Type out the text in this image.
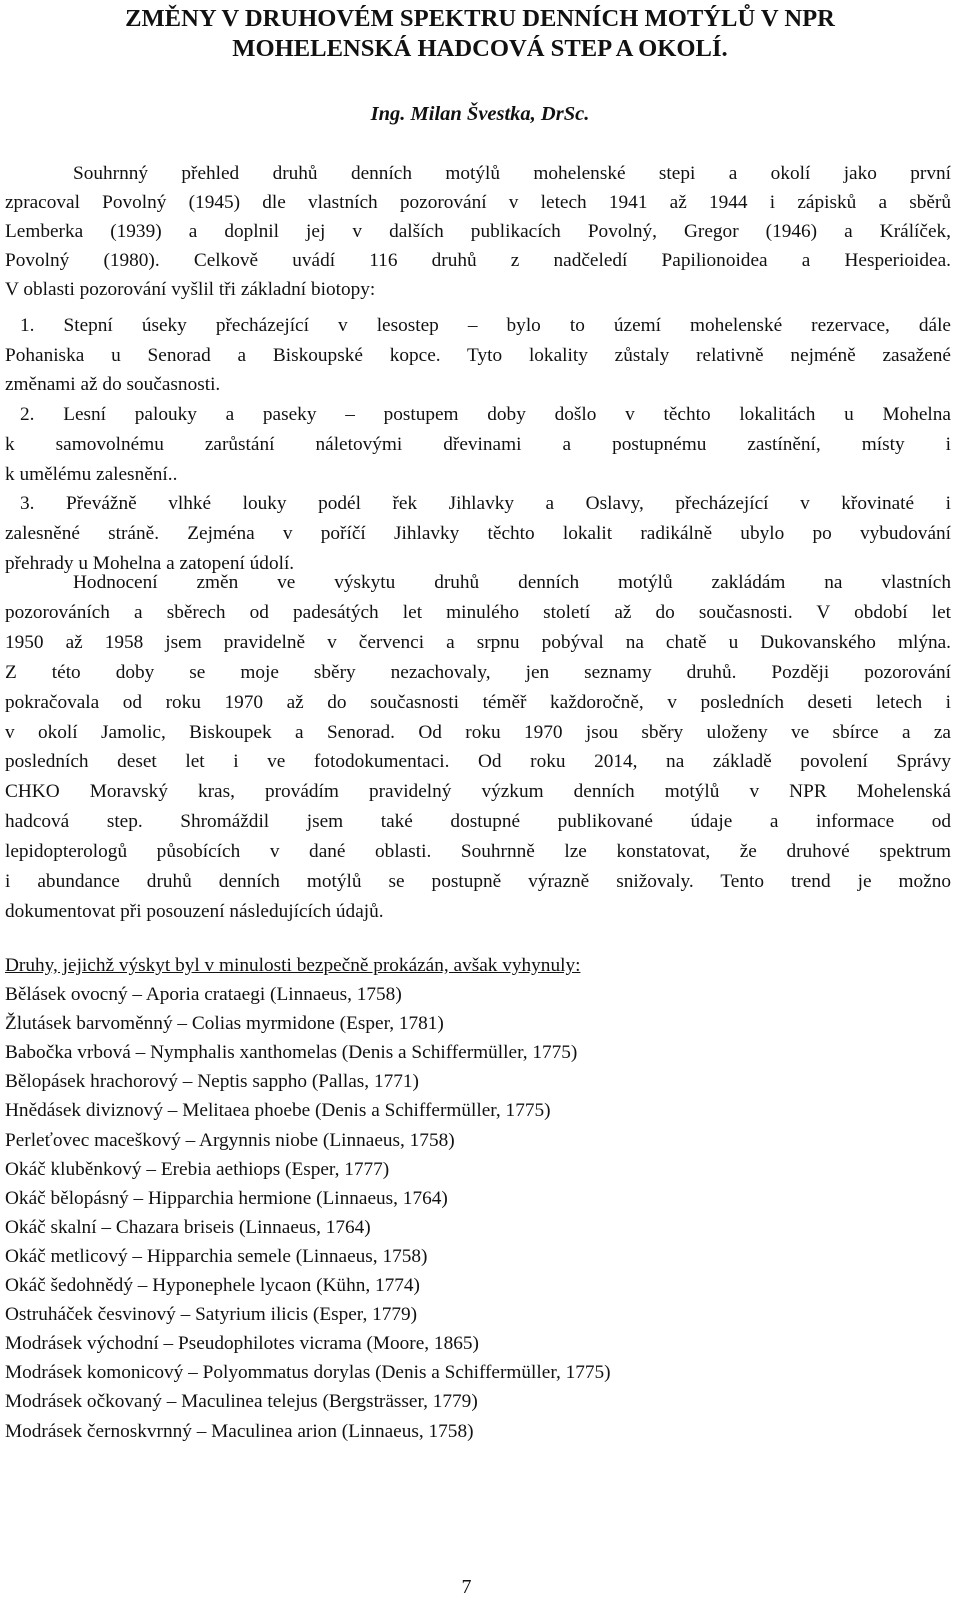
ZMĚNY V DRUHOVÉM SPEKTRU DENNÍCH MOTÝLŮ V NPR
MOHELENSKÁ HADCOVÁ STEP A OKOLÍ.
Ing. Milan Švestka, DrSc.

Souhrnný přehled druhů denních motýlů mohelenské stepi a okolí jako první

zpracoval Povolný (1945) dle vlastních pozorování v letech 1941 až 1944 i zápisků a sběrů

Lemberka (1939) a doplnil jej v dalších publikacích Povolný, Gregor (1946) a Králíček,

Povolný (1980). Celkově uvádí 116 druhů z nadčeledí Papilionoidea a Hesperioidea.

V oblasti pozorování vyšlil tři základní biotopy:

1. Stepní úseky přecházející v lesostep – bylo to území mohelenské rezervace, dále

Pohaniska u Senorad a Biskoupské kopce. Tyto lokality zůstaly relativně nejméně zasažené

změnami až do současnosti.

2. Lesní palouky a paseky – postupem doby došlo v těchto lokalitách u Mohelna

k samovolnému zarůstání náletovými dřevinami a postupnému zastínění, místy i

k umělému zalesnění..

3. Převážně vlhké louky podél řek Jihlavky a Oslavy, přecházející v křovinaté i

zalesněné stráně. Zejména v poříčí Jihlavky těchto lokalit radikálně ubylo po vybudování

přehrady u Mohelna a zatopení údolí.

Hodnocení změn ve výskytu druhů denních motýlů zakládám na vlastních

pozorováních a sběrech od padesátých let minulého století až do současnosti. V období let

1950 až 1958 jsem pravidelně v červenci a srpnu pobýval na chatě u Dukovanského mlýna.

Z této doby se moje sběry nezachovaly, jen seznamy druhů. Později pozorování

pokračovala od roku 1970 až do současnosti téměř každoročně, v posledních deseti letech i

v okolí Jamolic, Biskoupek a Senorad. Od roku 1970 jsou sběry uloženy ve sbírce a za

posledních deset let i ve fotodokumentaci. Od roku 2014, na základě povolení Správy

CHKO Moravský kras, provádím pravidelný výzkum denních motýlů v NPR Mohelenská

hadcová step. Shromáždil jsem také dostupné publikované údaje a informace od

lepidopterologů působících v dané oblasti. Souhrnně lze konstatovat, že druhové spektrum

i abundance druhů denních motýlů se postupně výrazně snižovaly. Tento trend je možno

dokumentovat při posouzení následujících údajů.

Druhy, jejichž výskyt byl v minulosti bezpečně prokázán, avšak vyhynuly:
Bělásek ovocný – Aporia crataegi (Linnaeus, 1758)
Žlutásek barvoměnný – Colias myrmidone (Esper, 1781)
Babočka vrbová – Nymphalis xanthomelas (Denis a Schiffermüller, 1775)
Bělopásek hrachorový – Neptis sappho (Pallas, 1771)
Hnědásek diviznový – Melitaea phoebe (Denis a Schiffermüller, 1775)
Perleťovec maceškový – Argynnis niobe (Linnaeus, 1758)
Okáč kluběnkový – Erebia aethiops (Esper, 1777)
Okáč bělopásný – Hipparchia hermione (Linnaeus, 1764)
Okáč skalní – Chazara briseis (Linnaeus, 1764)
Okáč metlicový – Hipparchia semele (Linnaeus, 1758)
Okáč šedohnědý – Hyponephele lycaon (Kühn, 1774)
Ostruháček česvinový – Satyrium ilicis (Esper, 1779)
Modrásek východní – Pseudophilotes vicrama (Moore, 1865)
Modrásek komonicový – Polyommatus dorylas (Denis a Schiffermüller, 1775)
Modrásek očkovaný – Maculinea telejus (Bergsträsser, 1779)
Modrásek černoskvrnný – Maculinea arion (Linnaeus, 1758)
7
